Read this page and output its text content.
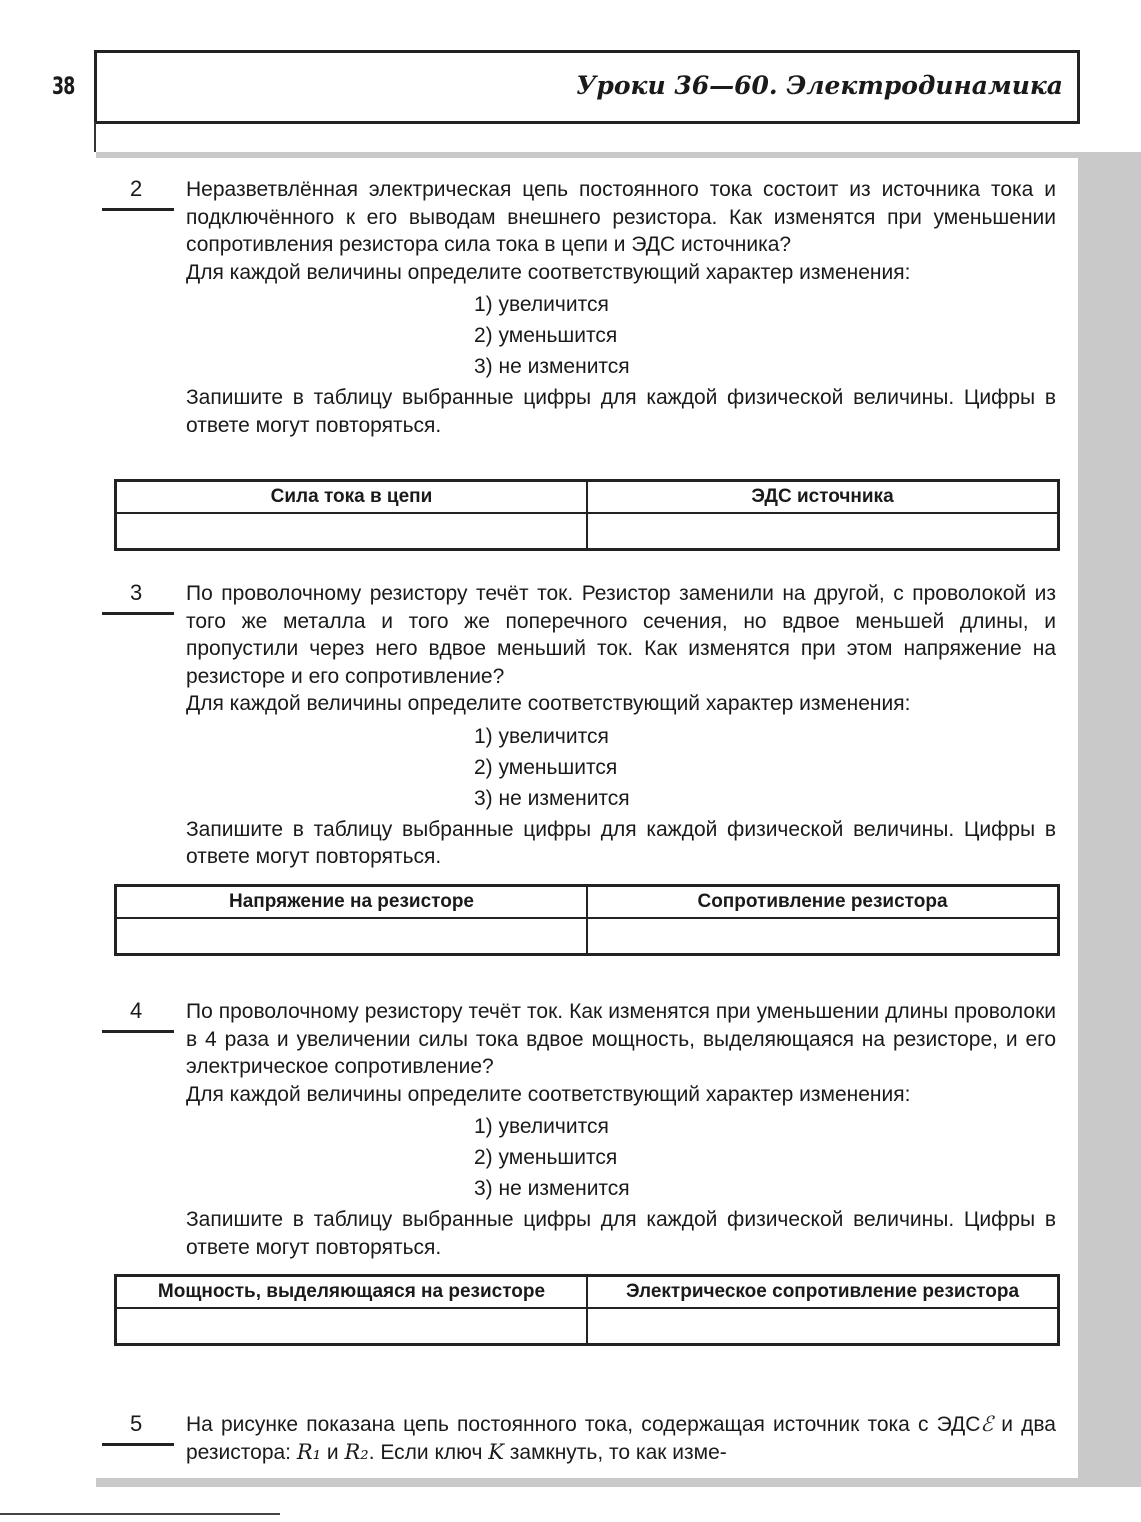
38	Уроки 36—60. Электродинамика
2 Неразветвлённая электрическая цепь постоянного тока состоит из источника тока и подключённого к его выводам внешнего резистора. Как изменятся при уменьшении сопротивления резистора сила тока в цепи и ЭДС источника?

Для каждой величины определите соответствующий характер изменения:

1) увеличится
2) уменьшится
3) не изменится

Запишите в таблицу выбранные цифры для каждой физической величины. Цифры в ответе могут повторяться.

Сила тока в цепи	ЭДС источника

3 По проволочному резистору течёт ток. Резистор заменили на другой, с проволокой из того же металла и того же поперечного сечения, но вдвое меньшей длины, и пропустили через него вдвое меньший ток. Как изменятся при этом напряжение на резисторе и его сопротивление?

Для каждой величины определите соответствующий характер изменения:

1) увеличится
2) уменьшится
3) не изменится

Запишите в таблицу выбранные цифры для каждой физической величины. Цифры в ответе могут повторяться.

Напряжение на резисторе	Сопротивление резистора

4 По проволочному резистору течёт ток. Как изменятся при уменьшении длины проволоки в 4 раза и увеличении силы тока вдвое мощность, выделяющаяся на резисторе, и его электрическое сопротивление?

Для каждой величины определите соответствующий характер изменения:

1) увеличится
2) уменьшится
3) не изменится

Запишите в таблицу выбранные цифры для каждой физической величины. Цифры в ответе могут повторяться.

Мощность, выделяющаяся на резисторе	Электрическое сопротивление резистора

5 На рисунке показана цепь постоянного тока, содержащая источник тока с ЭДСℰ и два резистора: R₁ и R₂. Если ключ K замкнуть, то как изме-
